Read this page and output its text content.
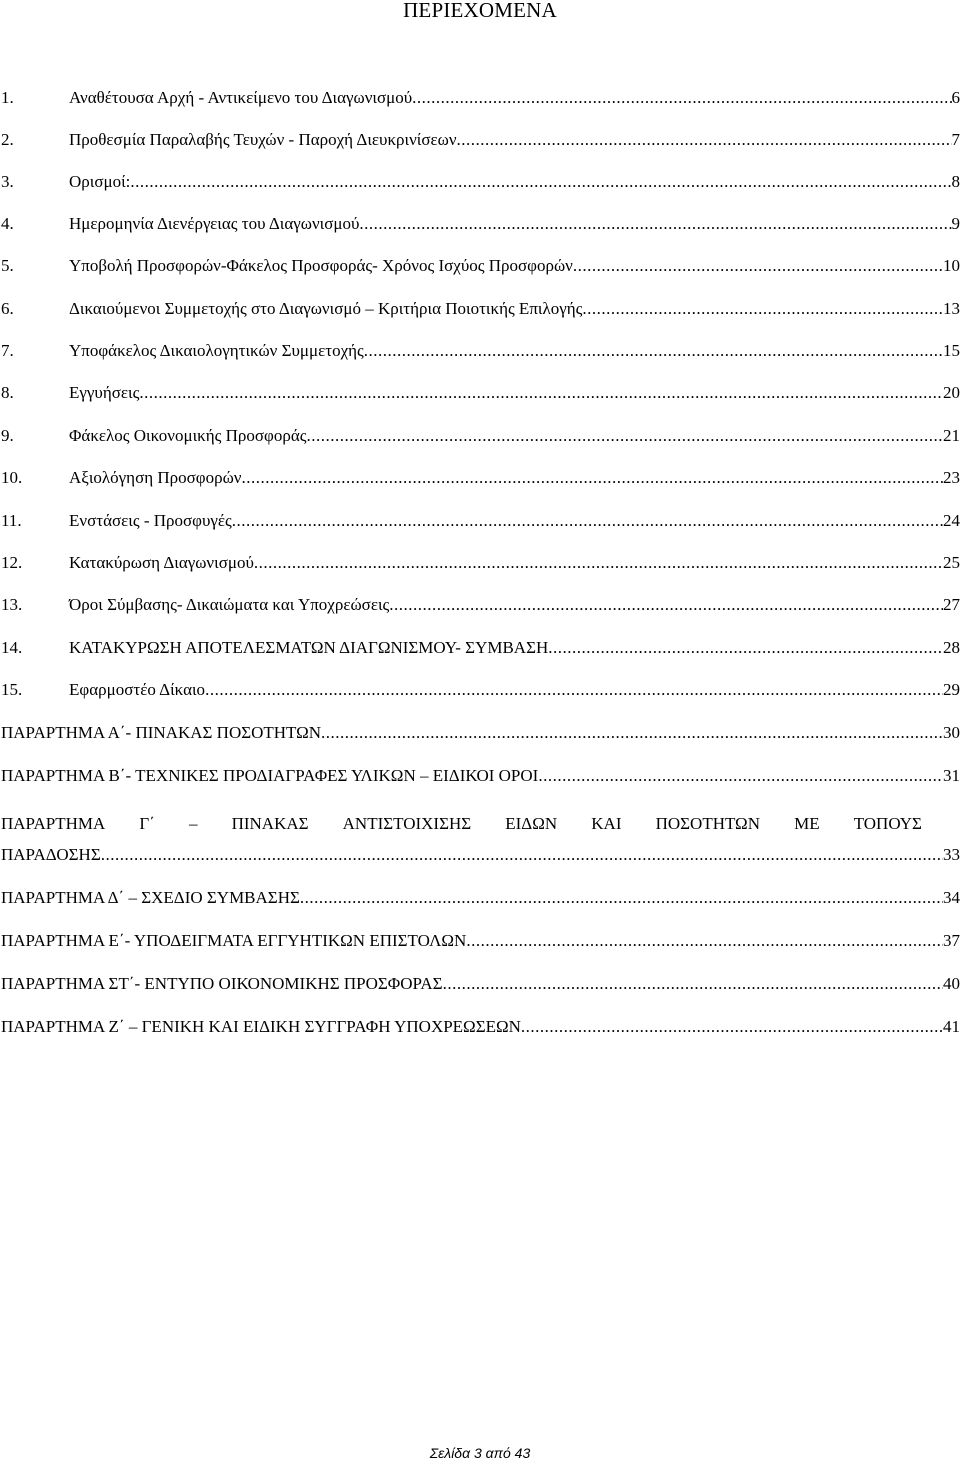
ΠΕΡΙΕΧΟΜΕΝΑ
1.	Αναθέτουσα Αρχή - Αντικείμενο του Διαγωνισμού .....	6
2.	Προθεσμία Παραλαβής Τευχών - Παροχή Διευκρινίσεων .....	7
3.	Ορισμοί: .....	8
4.	Ημερομηνία Διενέργειας του Διαγωνισμού .....	9
5.	Υποβολή Προσφορών-Φάκελος Προσφοράς- Χρόνος Ισχύος Προσφορών .....	10
6.	Δικαιούμενοι Συμμετοχής στο Διαγωνισμό – Κριτήρια Ποιοτικής Επιλογής .....	13
7.	Υποφάκελος Δικαιολογητικών Συμμετοχής .....	15
8.	Εγγυήσεις .....	20
9.	Φάκελος Οικονομικής Προσφοράς .....	21
10.	Αξιολόγηση Προσφορών .....	23
11.	Ενστάσεις - Προσφυγές .....	24
12.	Κατακύρωση Διαγωνισμού .....	25
13.	Όροι Σύμβασης- Δικαιώματα και Υποχρεώσεις .....	27
14.	ΚΑΤΑΚΥΡΩΣΗ ΑΠΟΤΕΛΕΣΜΑΤΩΝ ΔΙΑΓΩΝΙΣΜΟΥ- ΣΥΜΒΑΣΗ .....	28
15.	Εφαρμοστέο Δίκαιο .....	29
ΠΑΡΑΡΤΗΜΑ Α΄- ΠΙΝΑΚΑΣ ΠΟΣΟΤΗΤΩΝ .....	30
ΠΑΡΑΡΤΗΜΑ Β΄- ΤΕΧΝΙΚΕΣ ΠΡΟΔΙΑΓΡΑΦΕΣ ΥΛΙΚΩΝ – ΕΙΔΙΚΟΙ ΟΡΟΙ .....	31
ΠΑΡΑΡΤΗΜΑ Γ΄ – ΠΙΝΑΚΑΣ ΑΝΤΙΣΤΟΙΧΙΣΗΣ ΕΙΔΩΝ ΚΑΙ ΠΟΣΟΤΗΤΩΝ ΜΕ ΤΟΠΟΥΣ
ΠΑΡΑΔΟΣΗΣ .....	33
ΠΑΡΑΡΤΗΜΑ Δ΄ – ΣΧΕΔΙΟ ΣΥΜΒΑΣΗΣ .....	34
ΠΑΡΑΡΤΗΜΑ Ε΄- ΥΠΟΔΕΙΓΜΑΤΑ ΕΓΓΥΗΤΙΚΩΝ ΕΠΙΣΤΟΛΩΝ .....	37
ΠΑΡΑΡΤΗΜΑ ΣΤ΄- ΕΝΤΥΠΟ ΟΙΚΟΝΟΜΙΚΗΣ ΠΡΟΣΦΟΡΑΣ .....	40
ΠΑΡΑΡΤΗΜΑ Ζ΄ – ΓΕΝΙΚΗ ΚΑΙ ΕΙΔΙΚΗ ΣΥΓΓΡΑΦΗ ΥΠΟΧΡΕΩΣΕΩΝ .....	41
Σελίδα 3 από 43
